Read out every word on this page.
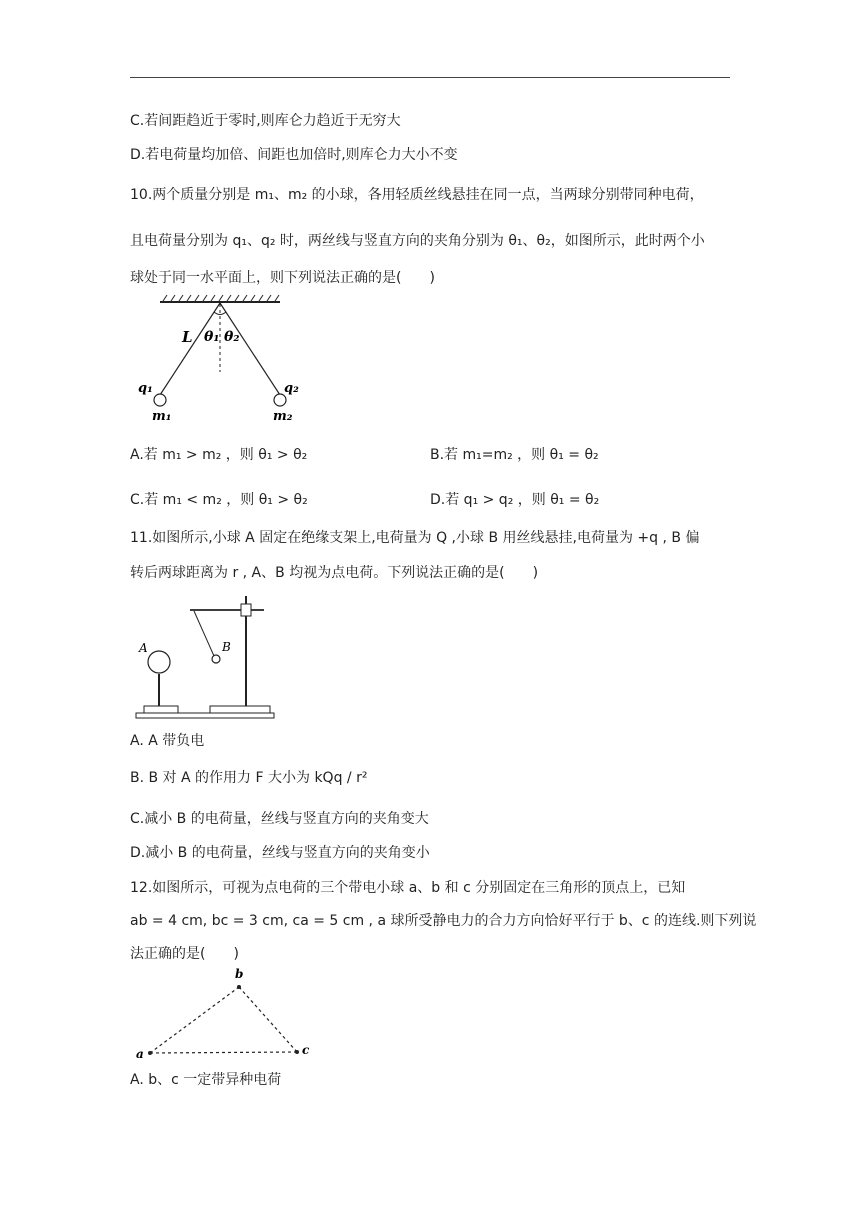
C.若间距趋近于零时,则库仑力趋近于无穷大
D.若电荷量均加倍、间距也加倍时,则库仑力大小不变
10.两个质量分别是 m₁、m₂ 的小球，各用轻质丝线悬挂在同一点，当两球分别带同种电荷，
且电荷量分别为 q₁、q₂ 时，两丝线与竖直方向的夹角分别为 θ₁、θ₂，如图所示，此时两个小
球处于同一水平面上，则下列说法正确的是(　　)
L θ₁ θ₂
q₁	q₂
m₁	m₂
A.若 m₁ > m₂ ，则 θ₁ > θ₂	B.若 m₁=m₂ ，则 θ₁ = θ₂
C.若 m₁ < m₂ ，则 θ₁ > θ₂	D.若 q₁ > q₂ ，则 θ₁ = θ₂
11.如图所示,小球 A 固定在绝缘支架上,电荷量为 Q ,小球 B 用丝线悬挂,电荷量为 +q , B 偏
转后两球距离为 r , A、B 均视为点电荷。下列说法正确的是(　　)
A	B
A. A 带负电
B. B 对 A 的作用力 F 大小为 kQq / r²
C.减小 B 的电荷量，丝线与竖直方向的夹角变大
D.减小 B 的电荷量，丝线与竖直方向的夹角变小
12.如图所示，可视为点电荷的三个带电小球 a、b 和 c 分别固定在三角形的顶点上，已知
ab = 4 cm, bc = 3 cm, ca = 5 cm , a 球所受静电力的合力方向恰好平行于 b、c 的连线.则下列说
法正确的是(　　)
b
a	c
A. b、c 一定带异种电荷
